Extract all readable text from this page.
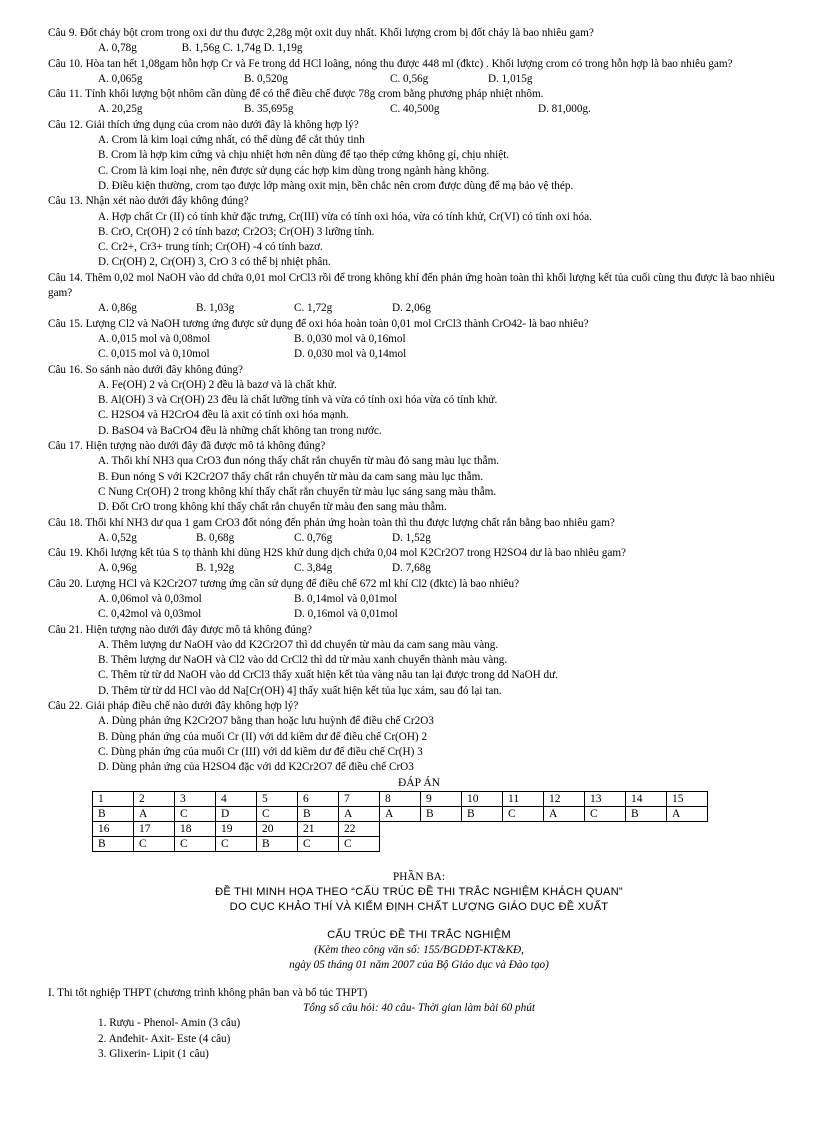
Câu 9. Đốt cháy bột crom trong oxi dư thu được 2,28g một oxit duy nhất. Khối lượng crom bị đốt cháy là bao nhiêu gam?
A. 0,78g                B. 1,56g C. 1,74g D. 1,19g
Câu 10. Hòa tan hết 1,08gam hỗn hợp Cr và Fe trong dd HCl loãng, nóng thu được 448 ml (đktc) . Khối lượng crom có trong hỗn hợp là bao nhiêu gam?
A. 0,065g	B. 0,520g	C. 0,56g	D. 1,015g
Câu 11. Tính khối lượng bột nhôm cần dùng để có thể điều chế được 78g crom bằng phương pháp nhiệt nhôm.
A. 20,25g	B. 35,695g	C. 40,500g	D. 81,000g.
Câu 12. Giải thích ứng dụng của crom nào dưới đây là không hợp lý?
A. Crom là kim loại cứng nhất, có thể dùng để cắt thủy tinh
B. Crom là hợp kim cứng và chịu nhiệt hơn nên dùng để tạo thép cứng không gỉ, chịu nhiệt.
C. Crom là kim loại nhẹ, nên được sử dụng các hợp kim dùng trong ngành hàng không.
D. Điều kiện thường, crom tạo được lớp màng oxit mịn, bền chắc nên crom được dùng để mạ bảo vệ thép.
Câu 13. Nhận xét nào dưới đây không đúng?
A. Hợp chất Cr (II) có tính khử đặc trưng, Cr(III) vừa có tính oxi hóa, vừa có tính khử, Cr(VI) có tính oxi hóa.
B. CrO, Cr(OH) 2 có tính bazơ; Cr2O3; Cr(OH) 3 lưỡng tính.
C. Cr2+, Cr3+ trung tính; Cr(OH) -4 có tính bazơ.
D. Cr(OH) 2, Cr(OH) 3, CrO 3 có thể bị nhiệt phân.
Câu 14. Thêm 0,02 mol NaOH vào dd chứa 0,01 mol CrCl3 rồi để trong không khí đến phản ứng hoàn toàn thì khối lượng kết tủa cuối cùng thu được là bao nhiêu gam?
A. 0,86g	B. 1,03g	C. 1,72g	D. 2,06g
Câu 15. Lượng Cl2 và NaOH tương ứng được sử dụng để oxi hóa hoàn toàn 0,01 mol CrCl3 thành CrO42- là bao nhiêu?
A. 0,015 mol và 0,08mol	B. 0,030 mol và 0,16mol
C. 0,015 mol và 0,10mol	D. 0,030 mol và 0,14mol
Câu 16. So sánh nào dưới đây không đúng?
A. Fe(OH) 2 và Cr(OH) 2 đều là bazơ và là chất khử.
B. Al(OH) 3 và Cr(OH) 23 đều là chất lưỡng tính và vừa có tính oxi hóa vừa có tính khử.
C. H2SO4 và H2CrO4 đều là axit có tính oxi hóa mạnh.
D. BaSO4 và BaCrO4 đều là những chất không tan trong nước.
Câu 17. Hiện tượng nào dưới đây đã được mô tả không đúng?
A. Thổi khí NH3 qua CrO3 đun nóng thấy chất rắn chuyển từ màu đỏ sang màu lục thẫm.
B. Đun nóng S với K2Cr2O7 thấy chất rắn chuyển từ màu da cam sang màu lục thẫm.
C Nung Cr(OH) 2 trong không khí thấy chất rắn chuyển từ màu lục sáng sang màu thẫm.
D. Đốt CrO trong không khí thấy chất rắn chuyển từ màu đen sang màu thẫm.
Câu 18. Thổi khí NH3 dư qua 1 gam CrO3 đốt nóng đến phản ứng hoàn toàn thì thu được lượng chất rắn bằng bao nhiêu gam?
A. 0,52g	B. 0,68g	C. 0,76g	D. 1,52g
Câu 19. Khối lượng kết tủa S tọ thành khi dùng H2S khử dung dịch chứa 0,04 mol K2Cr2O7 trong H2SO4 dư là bao nhiêu gam?
A. 0,96g	B. 1,92g	C. 3,84g	D. 7,68g
Câu 20. Lượng HCl và K2Cr2O7 tương ứng cần sử dụng để điều chế 672 ml khí Cl2 (đktc) là bao nhiêu?
A. 0,06mol và 0,03mol	B. 0,14mol và 0,01mol
C. 0,42mol và 0,03mol	D. 0,16mol và 0,01mol
Câu 21. Hiện tượng nào dưới đây được mô tả không đúng?
A. Thêm lượng dư NaOH vào dd K2Cr2O7 thì dd chuyển từ màu da cam sang màu vàng.
B. Thêm lượng dư NaOH và Cl2 vào dd CrCl2 thì dd từ màu xanh chuyển thành màu vàng.
C. Thêm từ từ dd NaOH vào dd CrCl3 thấy xuất hiện kết tủa vàng nâu tan lại được trong dd NaOH dư.
D. Thêm từ từ dd HCl vào dd Na[Cr(OH) 4] thấy xuất hiện kết tủa lục xám, sau đó lại tan.
Câu 22. Giải pháp điều chế nào dưới đây không hợp lý?
A. Dùng phản ứng K2Cr2O7 bằng than hoặc lưu huỳnh để điều chế Cr2O3
B. Dùng phản ứng của muối Cr (II) với dd kiềm dư để điều chế Cr(OH) 2
C. Dùng phản ứng của muối Cr (III) với dd kiềm dư để điều chế Cr(H) 3
D. Dùng phản ứng của H2SO4 đặc với dd K2Cr2O7 để điều chế CrO3
ĐÁP ÁN
1	2	3	4	5	6	7	8	9	10	11	12	13	14	15
B	A	C	D	C	B	A	A	B	B	C	A	C	B	A
16	17	18	19	20	21	22								
B	C	C	C	B	C	C								
PHẦN BA:
ĐỀ THI MINH HỌA THEO “CẤU TRÚC ĐỀ THI TRẮC NGHIỆM KHÁCH QUAN”
DO CỤC KHẢO THÍ VÀ KIỂM ĐỊNH CHẤT LƯỢNG GIÁO DỤC ĐỀ XUẤT
CẤU TRÚC ĐỀ THI TRẮC NGHIỆM
(Kèm theo công văn số: 155/BGDĐT-KT&KĐ,
ngày 05 tháng 01 năm 2007 của Bộ Giáo dục và Đào tạo)
I. Thi tốt nghiệp THPT (chương trình không phân ban và bổ túc THPT)
Tổng số câu hỏi: 40 câu- Thời gian làm bài 60 phút
1. Rượu - Phenol- Amin (3 câu)
2. Anđehit- Axit- Este (4 câu)
3. Glixerin- Lipit (1 câu)
